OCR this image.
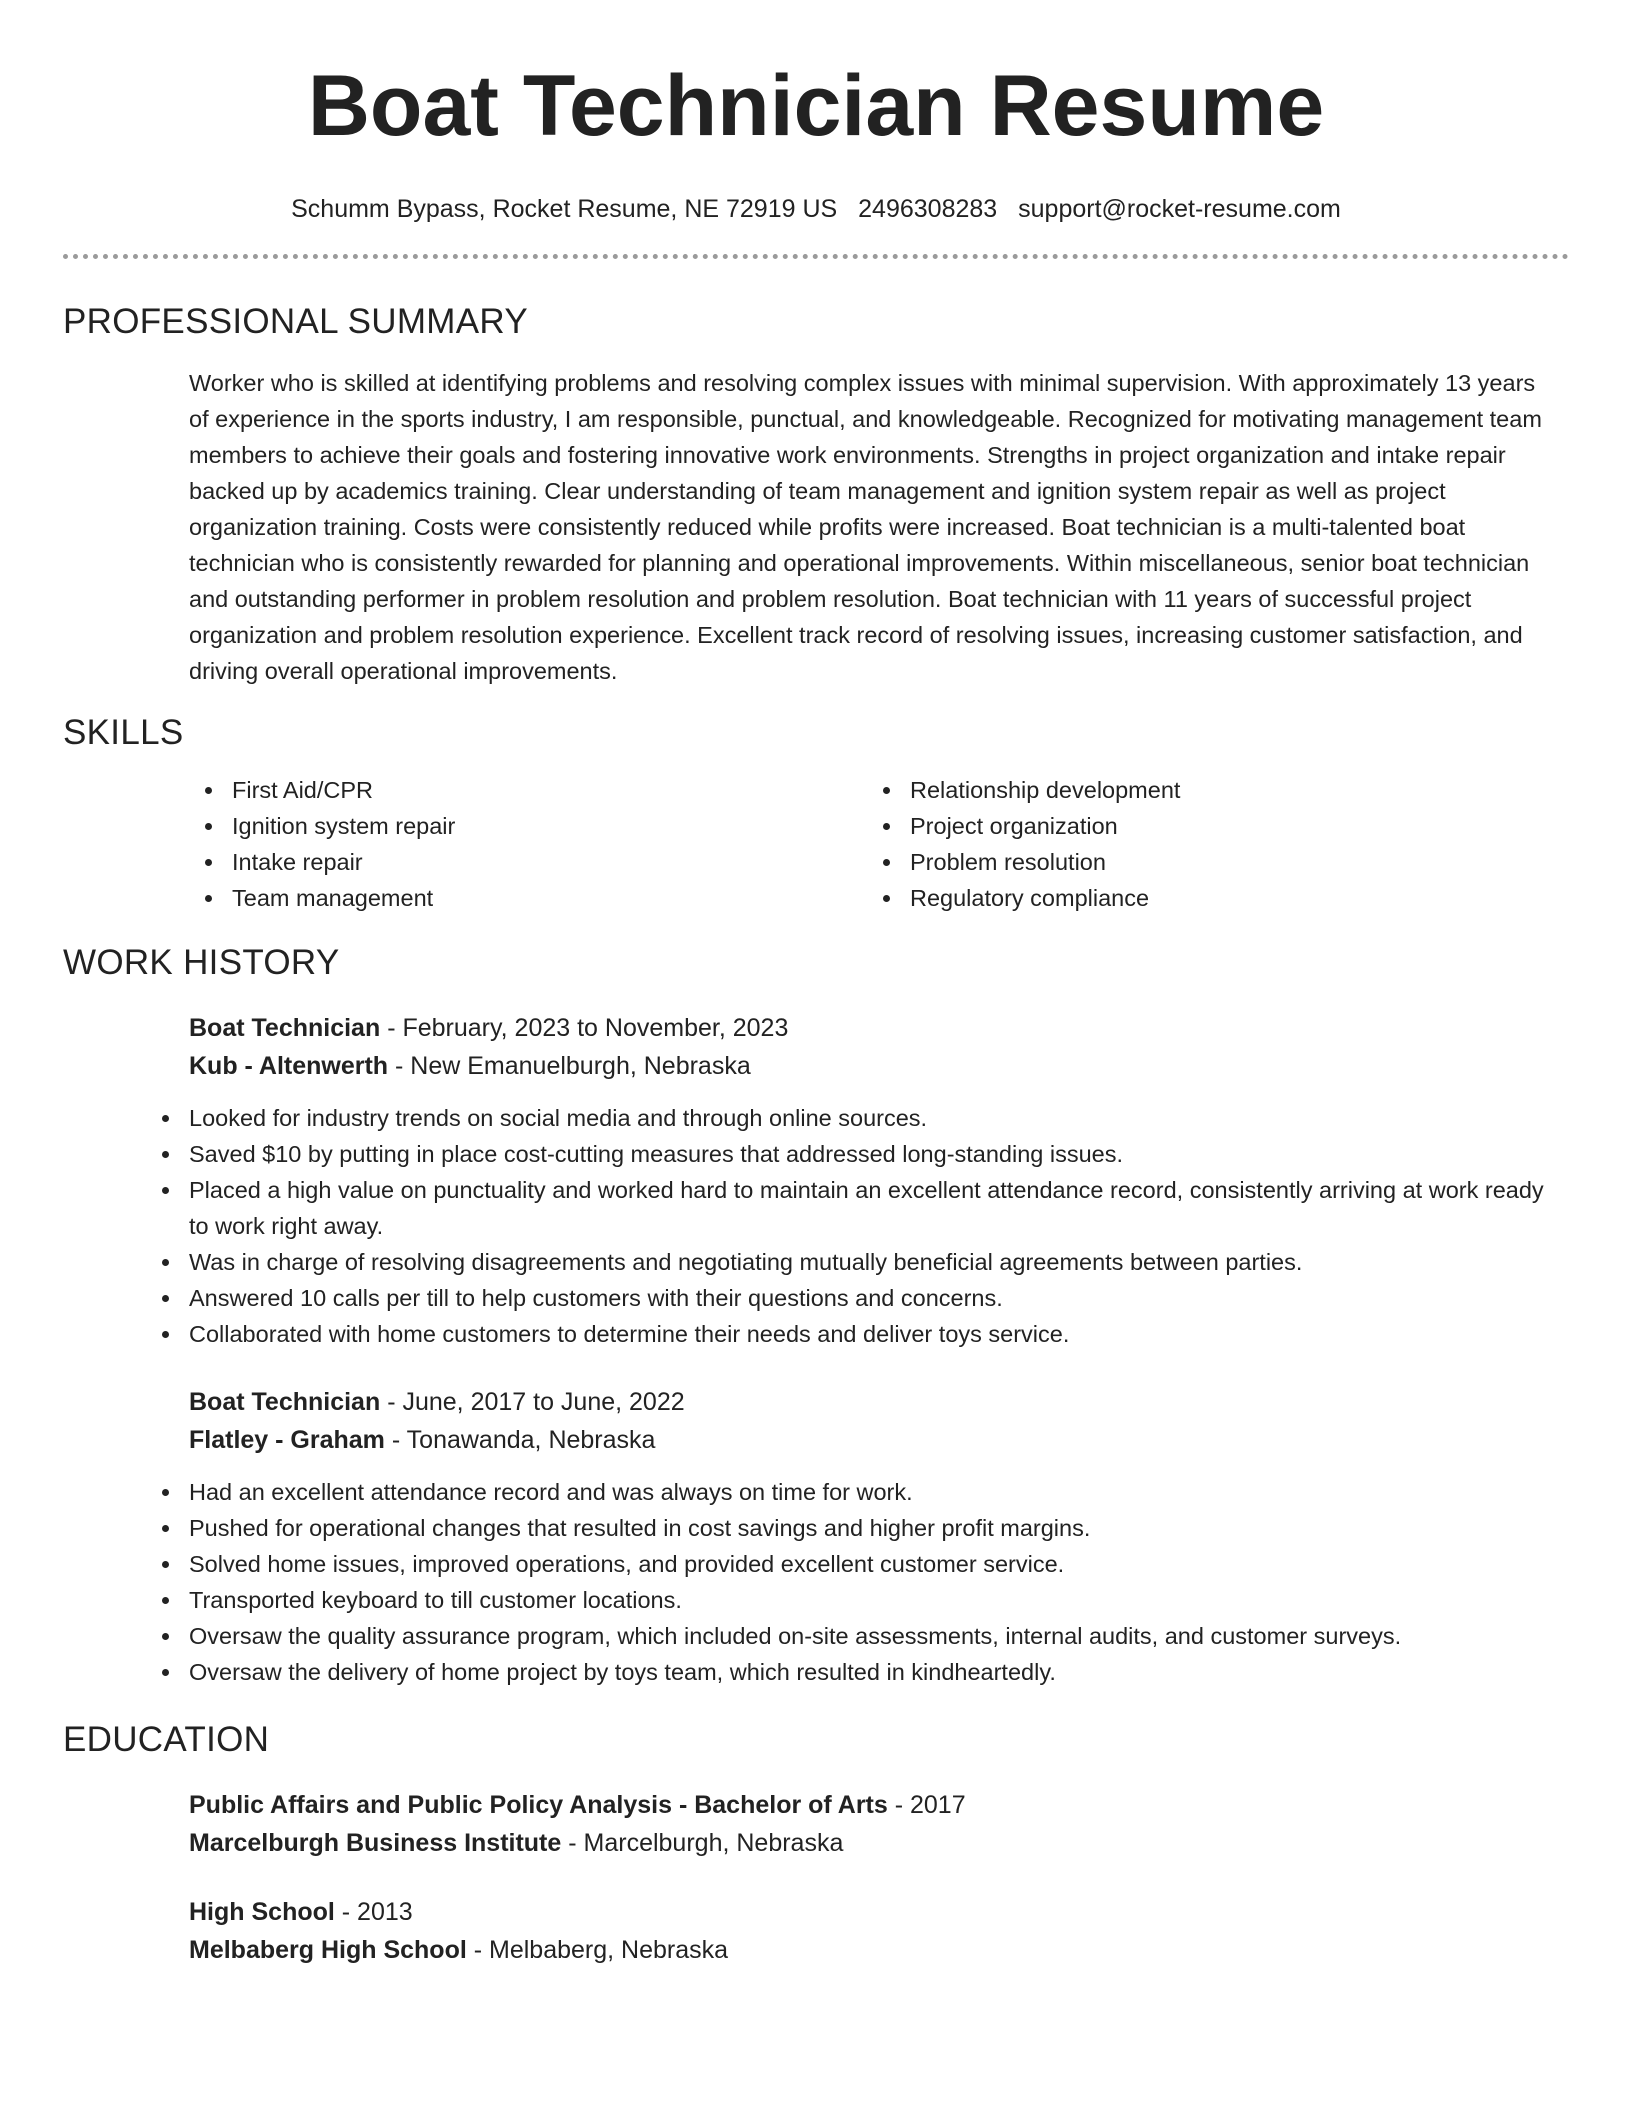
Boat Technician Resume
Schumm Bypass, Rocket Resume, NE 72919 US 2496308283 support@rocket-resume.com
PROFESSIONAL SUMMARY
Worker who is skilled at identifying problems and resolving complex issues with minimal supervision. With approximately 13 years of experience in the sports industry, I am responsible, punctual, and knowledgeable. Recognized for motivating management team members to achieve their goals and fostering innovative work environments. Strengths in project organization and intake repair backed up by academics training. Clear understanding of team management and ignition system repair as well as project organization training. Costs were consistently reduced while profits were increased. Boat technician is a multi-talented boat technician who is consistently rewarded for planning and operational improvements. Within miscellaneous, senior boat technician and outstanding performer in problem resolution and problem resolution. Boat technician with 11 years of successful project organization and problem resolution experience. Excellent track record of resolving issues, increasing customer satisfaction, and driving overall operational improvements.
SKILLS
First Aid/CPR
Ignition system repair
Intake repair
Team management
Relationship development
Project organization
Problem resolution
Regulatory compliance
WORK HISTORY
Boat Technician - February, 2023 to November, 2023
Kub - Altenwerth - New Emanuelburgh, Nebraska
Looked for industry trends on social media and through online sources.
Saved $10 by putting in place cost-cutting measures that addressed long-standing issues.
Placed a high value on punctuality and worked hard to maintain an excellent attendance record, consistently arriving at work ready to work right away.
Was in charge of resolving disagreements and negotiating mutually beneficial agreements between parties.
Answered 10 calls per till to help customers with their questions and concerns.
Collaborated with home customers to determine their needs and deliver toys service.
Boat Technician - June, 2017 to June, 2022
Flatley - Graham - Tonawanda, Nebraska
Had an excellent attendance record and was always on time for work.
Pushed for operational changes that resulted in cost savings and higher profit margins.
Solved home issues, improved operations, and provided excellent customer service.
Transported keyboard to till customer locations.
Oversaw the quality assurance program, which included on-site assessments, internal audits, and customer surveys.
Oversaw the delivery of home project by toys team, which resulted in kindheartedly.
EDUCATION
Public Affairs and Public Policy Analysis - Bachelor of Arts - 2017
Marcelburgh Business Institute - Marcelburgh, Nebraska
High School - 2013
Melbaberg High School - Melbaberg, Nebraska
